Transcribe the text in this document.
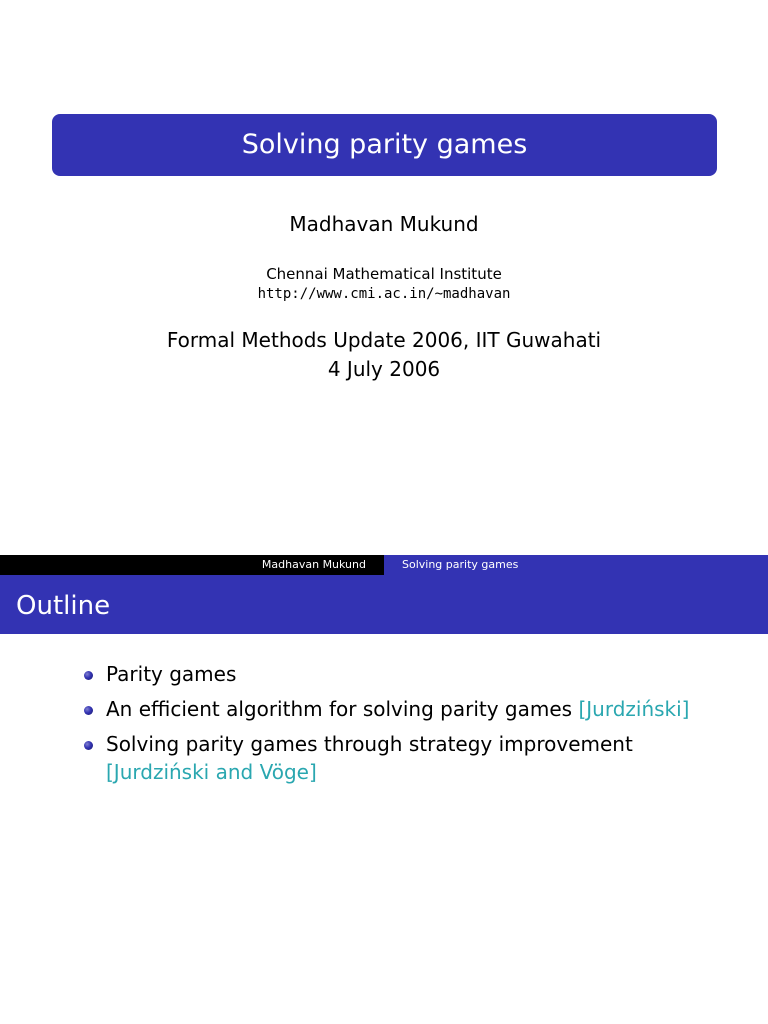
Solving parity games
Madhavan Mukund
Chennai Mathematical Institute
http://www.cmi.ac.in/~madhavan
Formal Methods Update 2006, IIT Guwahati
4 July 2006
Madhavan Mukund	Solving parity games
Outline
Parity games
An efficient algorithm for solving parity games [Jurdziński]
Solving parity games through strategy improvement [Jurdziński and Vöge]
